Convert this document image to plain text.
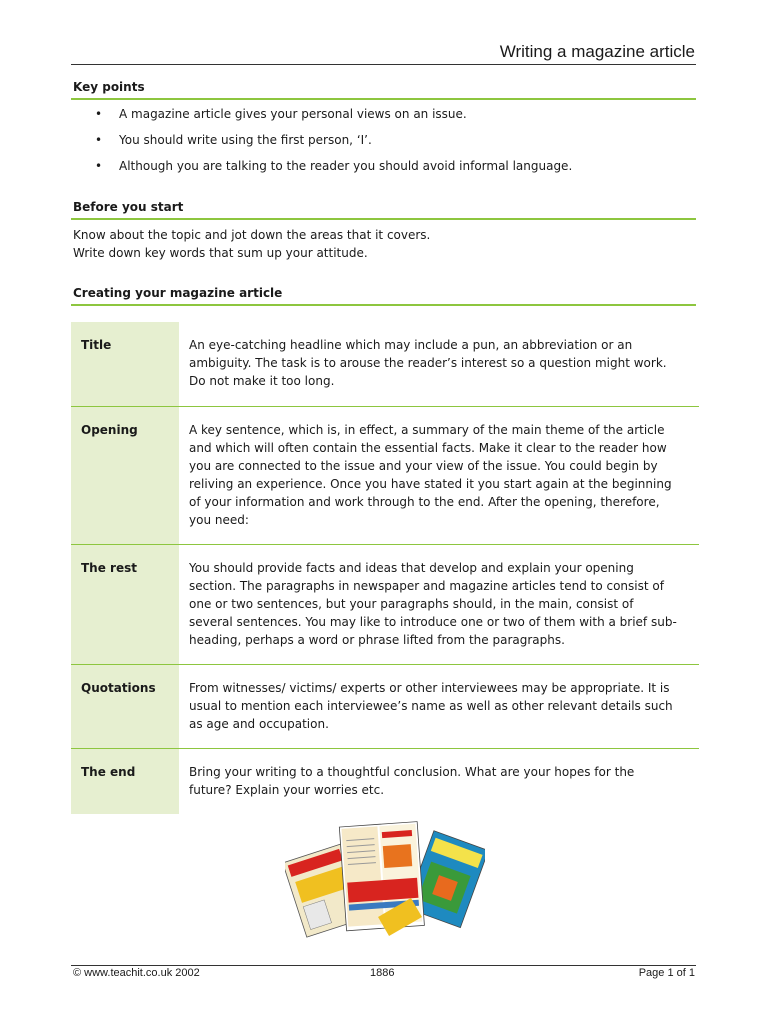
Writing a magazine article
Key points
• A magazine article gives your personal views on an issue.
• You should write using the first person, ‘I’.
• Although you are talking to the reader you should avoid informal language.
Before you start
Know about the topic and jot down the areas that it covers.
Write down key words that sum up your attitude.
Creating your magazine article
Title	An eye-catching headline which may include a pun, an abbreviation or an ambiguity. The task is to arouse the reader’s interest so a question might work. Do not make it too long.
Opening	A key sentence, which is, in effect, a summary of the main theme of the article and which will often contain the essential facts. Make it clear to the reader how you are connected to the issue and your view of the issue. You could begin by reliving an experience. Once you have stated it you start again at the beginning of your information and work through to the end. After the opening, therefore, you need:
The rest	You should provide facts and ideas that develop and explain your opening section. The paragraphs in newspaper and magazine articles tend to consist of one or two sentences, but your paragraphs should, in the main, consist of several sentences. You may like to introduce one or two of them with a brief sub-heading, perhaps a word or phrase lifted from the paragraphs.
Quotations	From witnesses/ victims/ experts or other interviewees may be appropriate. It is usual to mention each interviewee’s name as well as other relevant details such as age and occupation.
The end	Bring your writing to a thoughtful conclusion. What are your hopes for the future? Explain your worries etc.
© www.teachit.co.uk 2002	1886	Page 1 of 1
